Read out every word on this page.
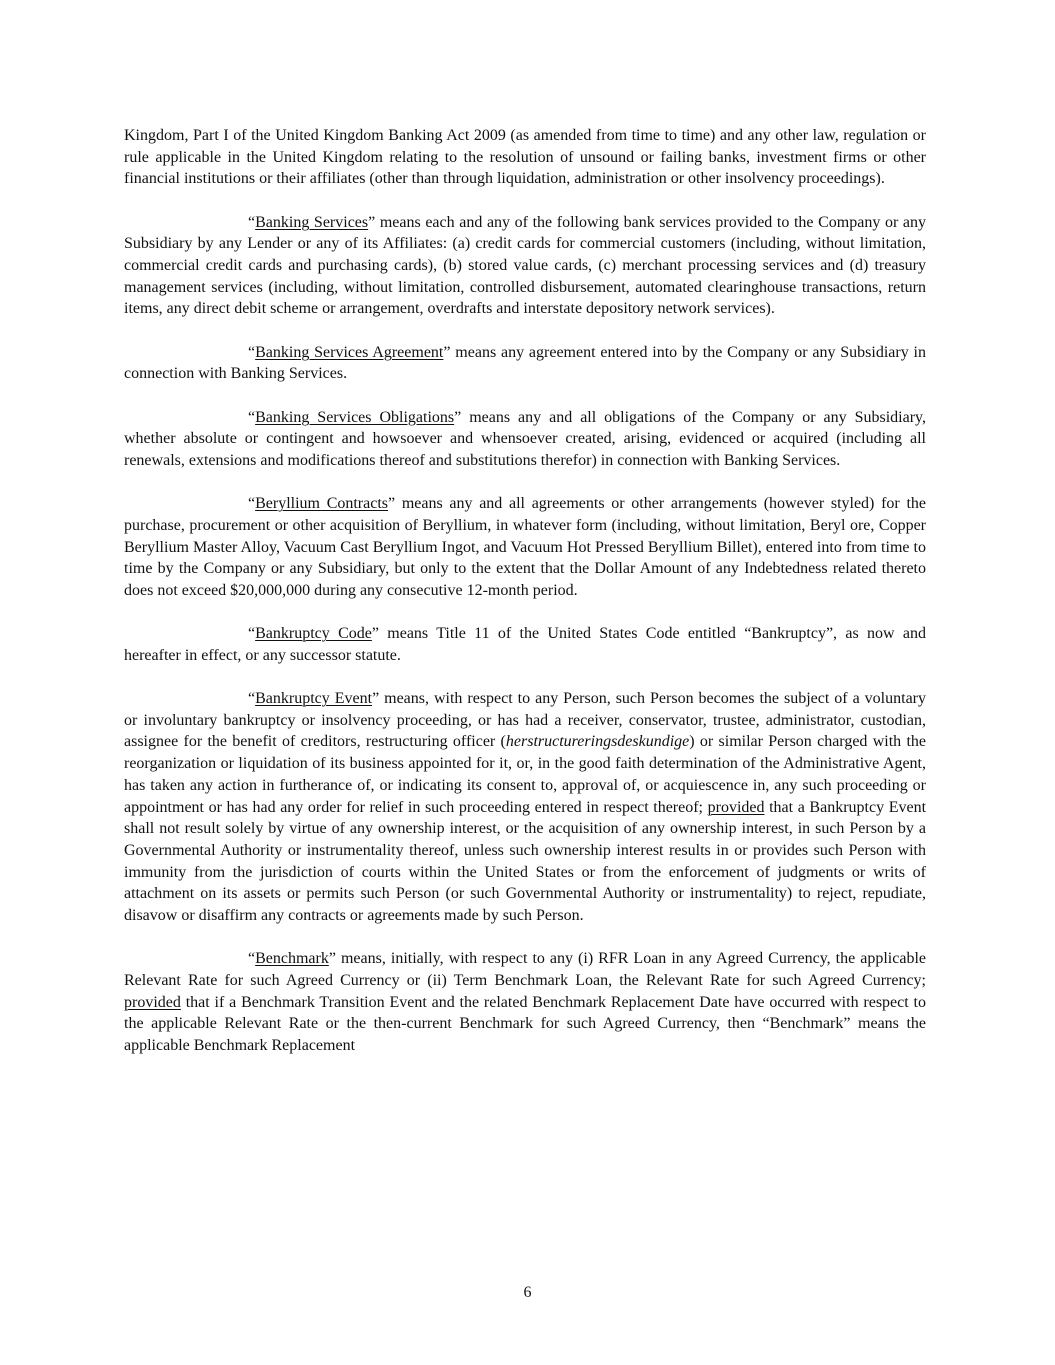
Kingdom, Part I of the United Kingdom Banking Act 2009 (as amended from time to time) and any other law, regulation or rule applicable in the United Kingdom relating to the resolution of unsound or failing banks, investment firms or other financial institutions or their affiliates (other than through liquidation, administration or other insolvency proceedings).

“Banking Services” means each and any of the following bank services provided to the Company or any Subsidiary by any Lender or any of its Affiliates: (a) credit cards for commercial customers (including, without limitation, commercial credit cards and purchasing cards), (b) stored value cards, (c) merchant processing services and (d) treasury management services (including, without limitation, controlled disbursement, automated clearinghouse transactions, return items, any direct debit scheme or arrangement, overdrafts and interstate depository network services).

“Banking Services Agreement” means any agreement entered into by the Company or any Subsidiary in connection with Banking Services.

“Banking Services Obligations” means any and all obligations of the Company or any Subsidiary, whether absolute or contingent and howsoever and whensoever created, arising, evidenced or acquired (including all renewals, extensions and modifications thereof and substitutions therefor) in connection with Banking Services.

“Beryllium Contracts” means any and all agreements or other arrangements (however styled) for the purchase, procurement or other acquisition of Beryllium, in whatever form (including, without limitation, Beryl ore, Copper Beryllium Master Alloy, Vacuum Cast Beryllium Ingot, and Vacuum Hot Pressed Beryllium Billet), entered into from time to time by the Company or any Subsidiary, but only to the extent that the Dollar Amount of any Indebtedness related thereto does not exceed $20,000,000 during any consecutive 12-month period.

“Bankruptcy Code” means Title 11 of the United States Code entitled “Bankruptcy”, as now and hereafter in effect, or any successor statute.

“Bankruptcy Event” means, with respect to any Person, such Person becomes the subject of a voluntary or involuntary bankruptcy or insolvency proceeding, or has had a receiver, conservator, trustee, administrator, custodian, assignee for the benefit of creditors, restructuring officer (herstructureringsdeskundige) or similar Person charged with the reorganization or liquidation of its business appointed for it, or, in the good faith determination of the Administrative Agent, has taken any action in furtherance of, or indicating its consent to, approval of, or acquiescence in, any such proceeding or appointment or has had any order for relief in such proceeding entered in respect thereof; provided that a Bankruptcy Event shall not result solely by virtue of any ownership interest, or the acquisition of any ownership interest, in such Person by a Governmental Authority or instrumentality thereof, unless such ownership interest results in or provides such Person with immunity from the jurisdiction of courts within the United States or from the enforcement of judgments or writs of attachment on its assets or permits such Person (or such Governmental Authority or instrumentality) to reject, repudiate, disavow or disaffirm any contracts or agreements made by such Person.

“Benchmark” means, initially, with respect to any (i) RFR Loan in any Agreed Currency, the applicable Relevant Rate for such Agreed Currency or (ii) Term Benchmark Loan, the Relevant Rate for such Agreed Currency; provided that if a Benchmark Transition Event and the related Benchmark Replacement Date have occurred with respect to the applicable Relevant Rate or the then-current Benchmark for such Agreed Currency, then “Benchmark” means the applicable Benchmark Replacement

6
